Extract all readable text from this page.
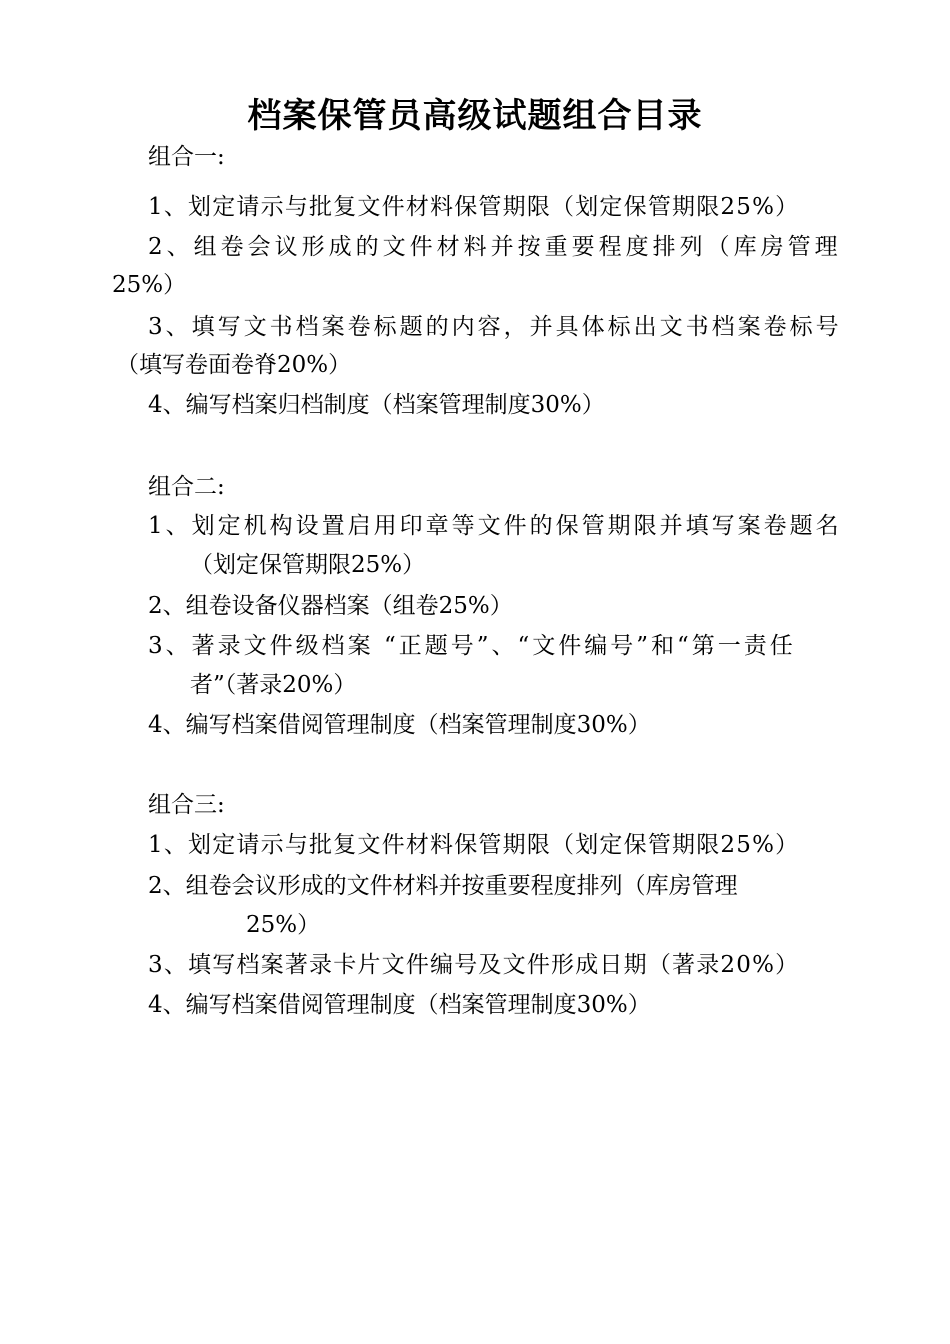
档案保管员高级试题组合目录
组合一:
1、划定请示与批复文件材料保管期限（划定保管期限25%）
2、组卷会议形成的文件材料并按重要程度排列（库房管理
25%）
3、填写文书档案卷标题的内容，并具体标出文书档案卷标号
（填写卷面卷脊20%）
4、编写档案归档制度（档案管理制度30%）
组合二:
1、划定机构设置启用印章等文件的保管期限并填写案卷题名
（划定保管期限25%）
2、组卷设备仪器档案（组卷25%）
3、著录文件级档案 “正题号”、“文件编号”和“第一责任
者”（著录20%）
4、编写档案借阅管理制度（档案管理制度30%）
组合三:
1、划定请示与批复文件材料保管期限（划定保管期限25%）
2、组卷会议形成的文件材料并按重要程度排列（库房管理
25%）
3、填写档案著录卡片文件编号及文件形成日期（著录20%）
4、编写档案借阅管理制度（档案管理制度30%）
